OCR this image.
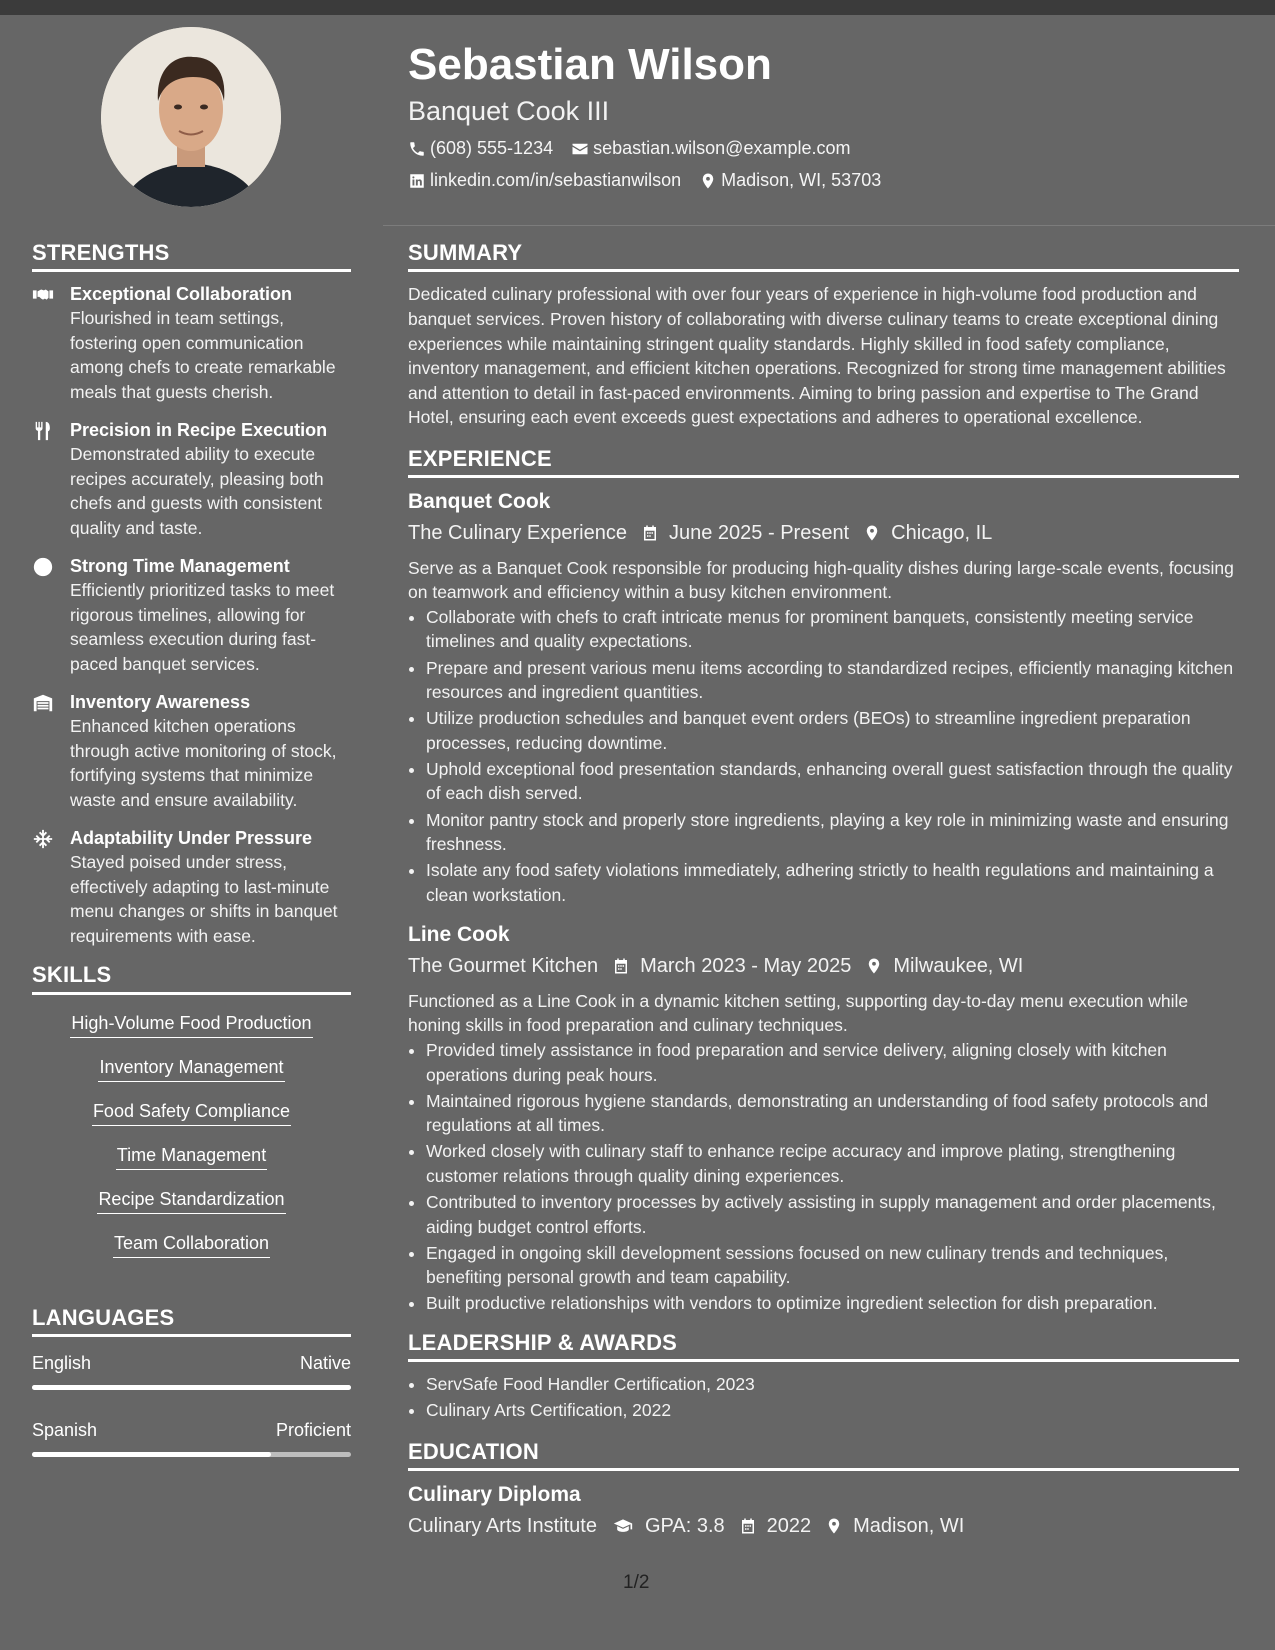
Sebastian Wilson
Banquet Cook III
(608) 555-1234 sebastian.wilson@example.com
linkedin.com/in/sebastianwilson Madison, WI, 53703
STRENGTHS
Exceptional Collaboration
Flourished in team settings, fostering open communication among chefs to create remarkable meals that guests cherish.
Precision in Recipe Execution
Demonstrated ability to execute recipes accurately, pleasing both chefs and guests with consistent quality and taste.
Strong Time Management
Efficiently prioritized tasks to meet rigorous timelines, allowing for seamless execution during fast-paced banquet services.
Inventory Awareness
Enhanced kitchen operations through active monitoring of stock, fortifying systems that minimize waste and ensure availability.
Adaptability Under Pressure
Stayed poised under stress, effectively adapting to last-minute menu changes or shifts in banquet requirements with ease.
SKILLS
High-Volume Food Production
Inventory Management
Food Safety Compliance
Time Management
Recipe Standardization
Team Collaboration
LANGUAGES
English	Native
Spanish	Proficient
SUMMARY

Dedicated culinary professional with over four years of experience in high-volume food production and banquet services. Proven history of collaborating with diverse culinary teams to create exceptional dining experiences while maintaining stringent quality standards. Highly skilled in food safety compliance, inventory management, and efficient kitchen operations. Recognized for strong time management abilities and attention to detail in fast-paced environments. Aiming to bring passion and expertise to The Grand Hotel, ensuring each event exceeds guest expectations and adheres to operational excellence.

EXPERIENCE
Banquet Cook
The Culinary Experience June 2025 - Present Chicago, IL

Serve as a Banquet Cook responsible for producing high-quality dishes during large-scale events, focusing on teamwork and efficiency within a busy kitchen environment.

• Collaborate with chefs to craft intricate menus for prominent banquets, consistently meeting service timelines and quality expectations.
• Prepare and present various menu items according to standardized recipes, efficiently managing kitchen resources and ingredient quantities.
• Utilize production schedules and banquet event orders (BEOs) to streamline ingredient preparation processes, reducing downtime.
• Uphold exceptional food presentation standards, enhancing overall guest satisfaction through the quality of each dish served.
• Monitor pantry stock and properly store ingredients, playing a key role in minimizing waste and ensuring freshness.
• Isolate any food safety violations immediately, adhering strictly to health regulations and maintaining a clean workstation.
Line Cook
The Gourmet Kitchen March 2023 - May 2025 Milwaukee, WI

Functioned as a Line Cook in a dynamic kitchen setting, supporting day-to-day menu execution while honing skills in food preparation and culinary techniques.

• Provided timely assistance in food preparation and service delivery, aligning closely with kitchen operations during peak hours.
• Maintained rigorous hygiene standards, demonstrating an understanding of food safety protocols and regulations at all times.
• Worked closely with culinary staff to enhance recipe accuracy and improve plating, strengthening customer relations through quality dining experiences.
• Contributed to inventory processes by actively assisting in supply management and order placements, aiding budget control efforts.
• Engaged in ongoing skill development sessions focused on new culinary trends and techniques, benefiting personal growth and team capability.
• Built productive relationships with vendors to optimize ingredient selection for dish preparation.
LEADERSHIP & AWARDS
• ServSafe Food Handler Certification, 2023
• Culinary Arts Certification, 2022
EDUCATION
Culinary Diploma
Culinary Arts Institute GPA: 3.8 2022 Madison, WI
1/2
